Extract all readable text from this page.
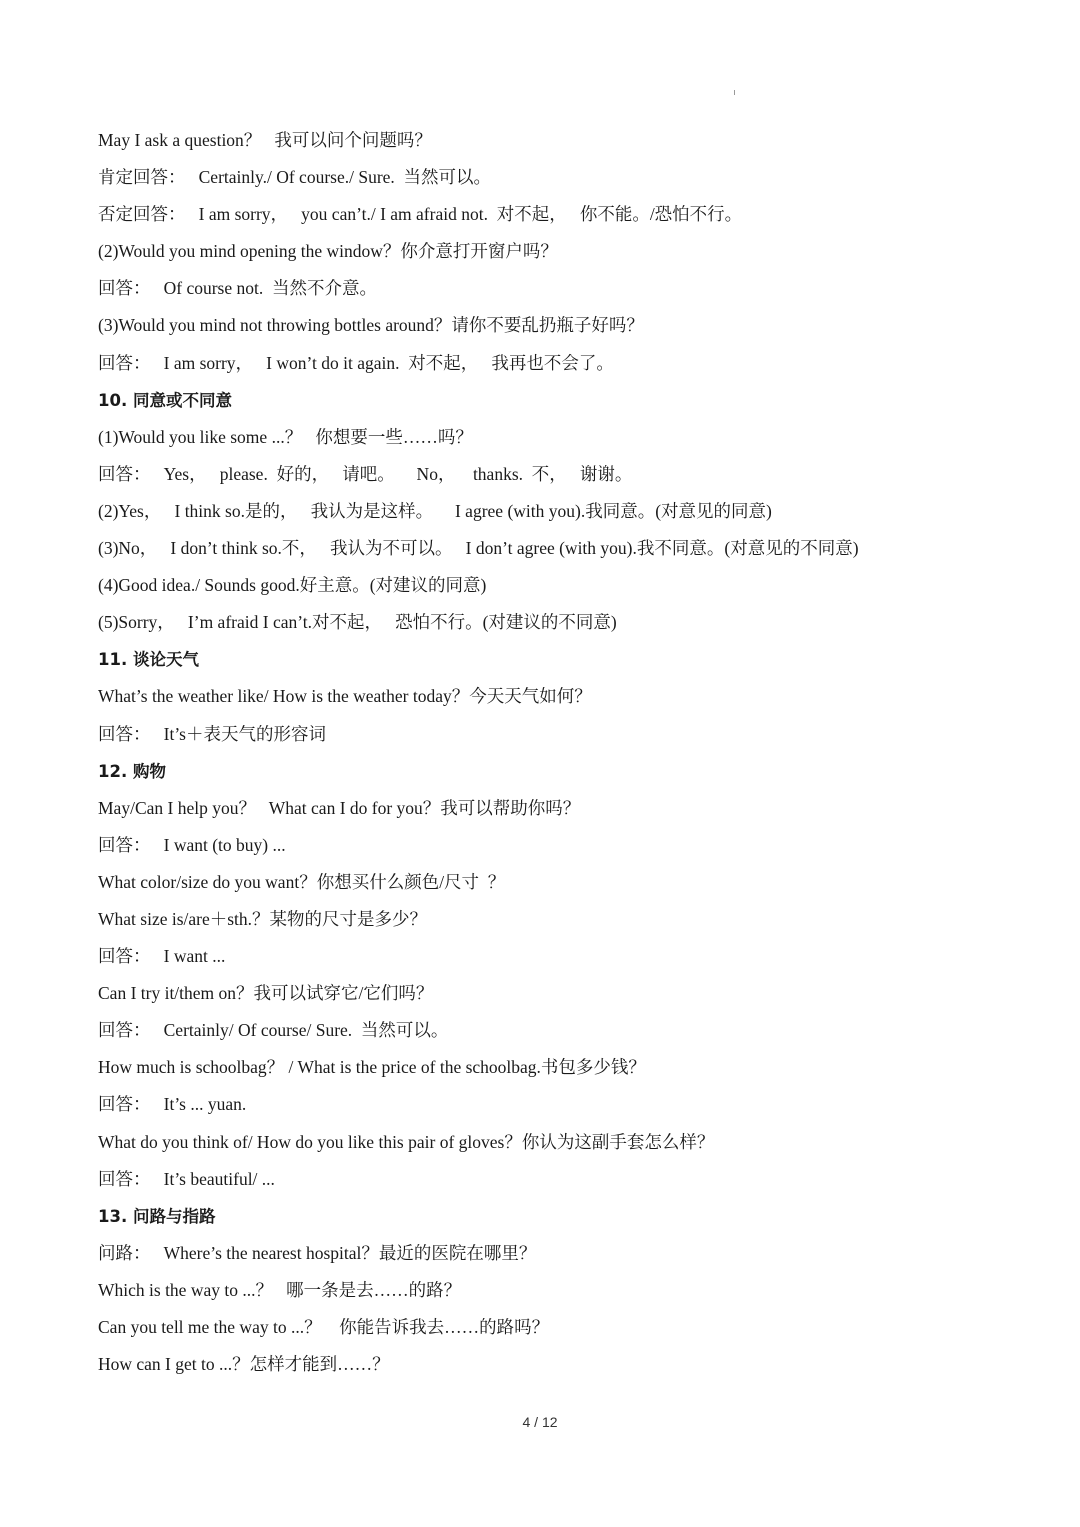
May I ask a question？   我可以问个问题吗？
肯定回答：   Certainly./ Of course./ Sure.  当然可以。
否定回答：   I am sorry，   you can’t./ I am afraid not.  对不起，   你不能。/恐怕不行。
(2)Would you mind opening the window？你介意打开窗户吗？
回答：   Of course not.  当然不介意。
(3)Would you mind not throwing bottles around？请你不要乱扔瓶子好吗？
回答：   I am sorry，   I won’t do it again.  对不起，   我再也不会了。
10. 同意或不同意
(1)Would you like some ...？   你想要一些……吗？
回答：   Yes，   please.  好的，   请吧。     No，    thanks.  不，   谢谢。
(2)Yes，   I think so.是的，   我认为是这样。     I agree (with you).我同意。(对意见的同意)
(3)No，   I don’t think so.不，   我认为不可以。   I don’t agree (with you).我不同意。(对意见的不同意)
(4)Good idea./ Sounds good.好主意。(对建议的同意)
(5)Sorry，   I’m afraid I can’t.对不起，   恐怕不行。(对建议的不同意)
11. 谈论天气
What’s the weather like/ How is the weather today？今天天气如何？
回答：   It’s＋表天气的形容词
12. 购物
May/Can I help you？   What can I do for you？我可以帮助你吗？
回答：   I want (to buy) ...
What color/size do you want？你想买什么颜色/尺寸  ？
What size is/are＋sth.？某物的尺寸是多少？
回答：   I want ...
Can I try it/them on？我可以试穿它/它们吗？
回答：   Certainly/ Of course/ Sure.  当然可以。
How much is schoolbag？ / What is the price of the schoolbag.书包多少钱？
回答：   It’s ... yuan.
What do you think of/ How do you like this pair of gloves？你认为这副手套怎么样？
回答：   It’s beautiful/ ...
13. 问路与指路
问路：   Where’s the nearest hospital？最近的医院在哪里？
Which is the way to ...？   哪一条是去……的路？
Can you tell me the way to ...？    你能告诉我去……的路吗？
How can I get to ...？怎样才能到……？
4 / 12
